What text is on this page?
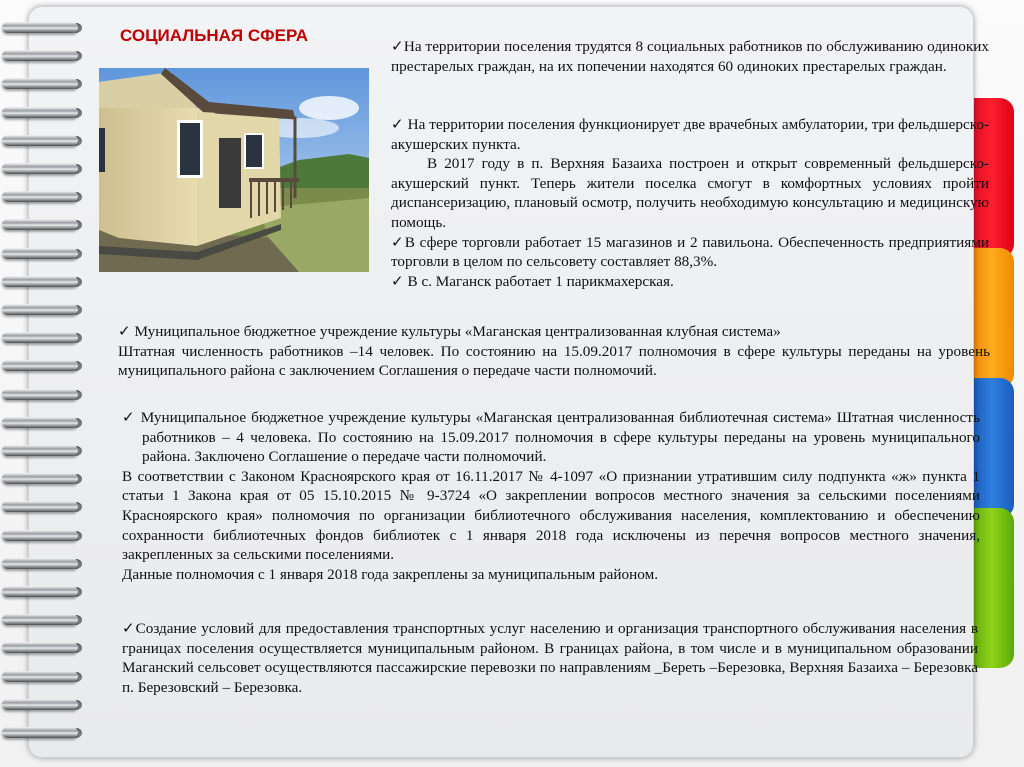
СОЦИАЛЬНАЯ СФЕРА

✓На территории поселения трудятся 8 социальных работников по обслуживанию одиноких престарелых граждан, на их попечении находятся 60 одиноких престарелых граждан.

✓ На территории поселения функционирует две врачебных амбулатории, три фельдшерско-акушерских пункта.

В 2017 году в п. Верхняя Базаиха построен и открыт современный фельдшерско-акушерский пункт. Теперь жители поселка смогут в комфортных условиях пройти диспансеризацию, плановый осмотр, получить необходимую консультацию и медицинскую помощь.

✓В сфере торговли работает 15 магазинов и 2 павильона. Обеспеченность предприятиями торговли в целом по сельсовету составляет 88,3%.

✓ В с. Маганск работает 1 парикмахерская.

✓ Муниципальное бюджетное учреждение культуры «Маганская централизованная клубная система»

Штатная численность работников –14 человек. По состоянию на 15.09.2017 полномочия в сфере культуры переданы на уровень муниципального района с заключением Соглашения о передаче части полномочий.

✓ Муниципальное бюджетное учреждение культуры «Маганская централизованная библиотечная система» Штатная численность работников – 4 человека. По состоянию на 15.09.2017 полномочия в сфере культуры переданы на уровень муниципального района. Заключено Соглашение о передаче части полномочий.

В соответствии с Законом Красноярского края от 16.11.2017 № 4-1097 «О признании утратившим силу подпункта «ж» пункта 1 статьи 1 Закона края от 05 15.10.2015 № 9-3724 «О закреплении вопросов местного значения за сельскими поселениями Красноярского края» полномочия по организации библиотечного обслуживания населения, комплектованию и обеспечению сохранности библиотечных фондов библиотек с 1 января 2018 года исключены из перечня вопросов местного значения, закрепленных за сельскими поселениями.

Данные полномочия с 1 января 2018 года закреплены за муниципальным районом.

✓Создание условий для предоставления транспортных услуг населению и организация транспортного обслуживания населения в границах поселения осуществляется муниципальным районом. В границах района, в том числе и в муниципальном образовании Маганский сельсовет осуществляются пассажирские перевозки по направлениям _Береть –Березовка, Верхняя Базаиха – Березовка п. Березовский – Березовка.
